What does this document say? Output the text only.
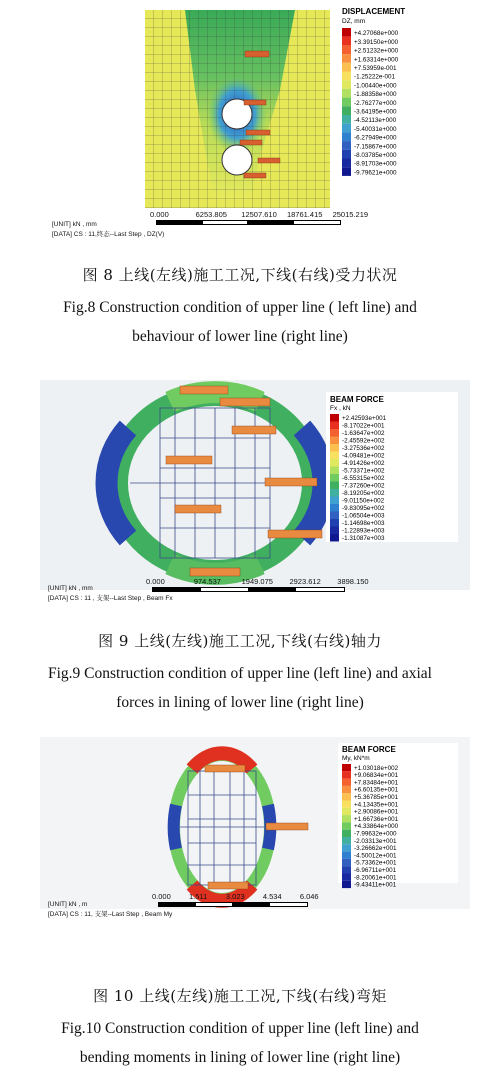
DISPLACEMENT
DZ, mm
+4.27068e+000
+3.39150e+000
+2.51232e+000
+1.63314e+000
+7.53959e-001
-1.25222e-001
-1.00440e+000
-1.88358e+000
-2.76277e+000
-3.64195e+000
-4.52113e+000
-5.40031e+000
-6.27949e+000
-7.15867e+000
-8.03785e+000
-8.91703e+000
-9.79621e+000
0.000	6253.805 12507.610 18761.415 25015.219
[UNIT] kN , mm
[DATA] CS : 11,终态--Last Step , DZ(V)
图 8 上线(左线)施工工况,下线(右线)受力状况
Fig.8 Construction condition of upper line ( left line) and
behaviour of lower line (right line)
BEAM FORCE
Fx , kN
+2.42593e+001
-8.17022e+001
-1.63647e+002
-2.45592e+002
-3.27536e+002
-4.09481e+002
-4.91426e+002
-5.73371e+002
-6.55315e+002
-7.37260e+002
-8.19205e+002
-9.01150e+002
-9.83095e+002
-1.06504e+003
-1.14698e+003
-1.22893e+003
-1.31087e+003
0.000	974.537	1949.075 2923.612 3898.150
[UNIT] kN , mm
[DATA] CS : 11 , 支架--Last Step , Beam Fx
图 9 上线(左线)施工工况,下线(右线)轴力
Fig.9 Construction condition of upper line (left line) and axial
forces in lining of lower line (right line)
BEAM FORCE
My, kN*m
+1.03018e+002
+9.06834e+001
+7.83484e+001
+6.60135e+001
+5.36785e+001
+4.13435e+001
+2.90086e+001
+1.66736e+001
+4.33864e+000
-7.99632e+000
-2.03313e+001
-3.26662e+001
-4.50012e+001
-5.73362e+001
-6.96711e+001
-8.20061e+001
-9.43411e+001
0.000 1.511 3.023 4.534 6.046
[UNIT] kN , m
[DATA] CS : 11, 支架--Last Step , Beam My
图 10 上线(左线)施工工况,下线(右线)弯矩
Fig.10 Construction condition of upper line (left line) and
bending moments in lining of lower line (right line)
